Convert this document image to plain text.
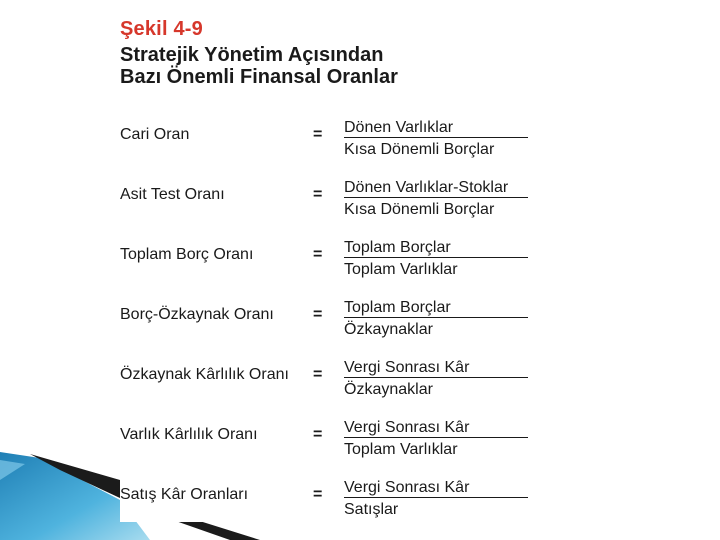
Şekil 4-9
Stratejik Yönetim Açısından
Bazı Önemli Finansal Oranlar
Cari Oran	= Dönen Varlıklar
Kısa Dönemli Borçlar
Asit Test Oranı	= Dönen Varlıklar-Stoklar
Kısa Dönemli Borçlar
Toplam Borç Oranı	= Toplam Borçlar
Toplam Varlıklar
Borç-Özkaynak Oranı = Toplam Borçlar
Özkaynaklar
Özkaynak Kârlılık Oranı = Vergi Sonrası Kâr
Özkaynaklar
Varlık Kârlılık Oranı	= Vergi Sonrası Kâr
Toplam Varlıklar
Satış Kâr Oranları	= Vergi Sonrası Kâr
Satışlar
